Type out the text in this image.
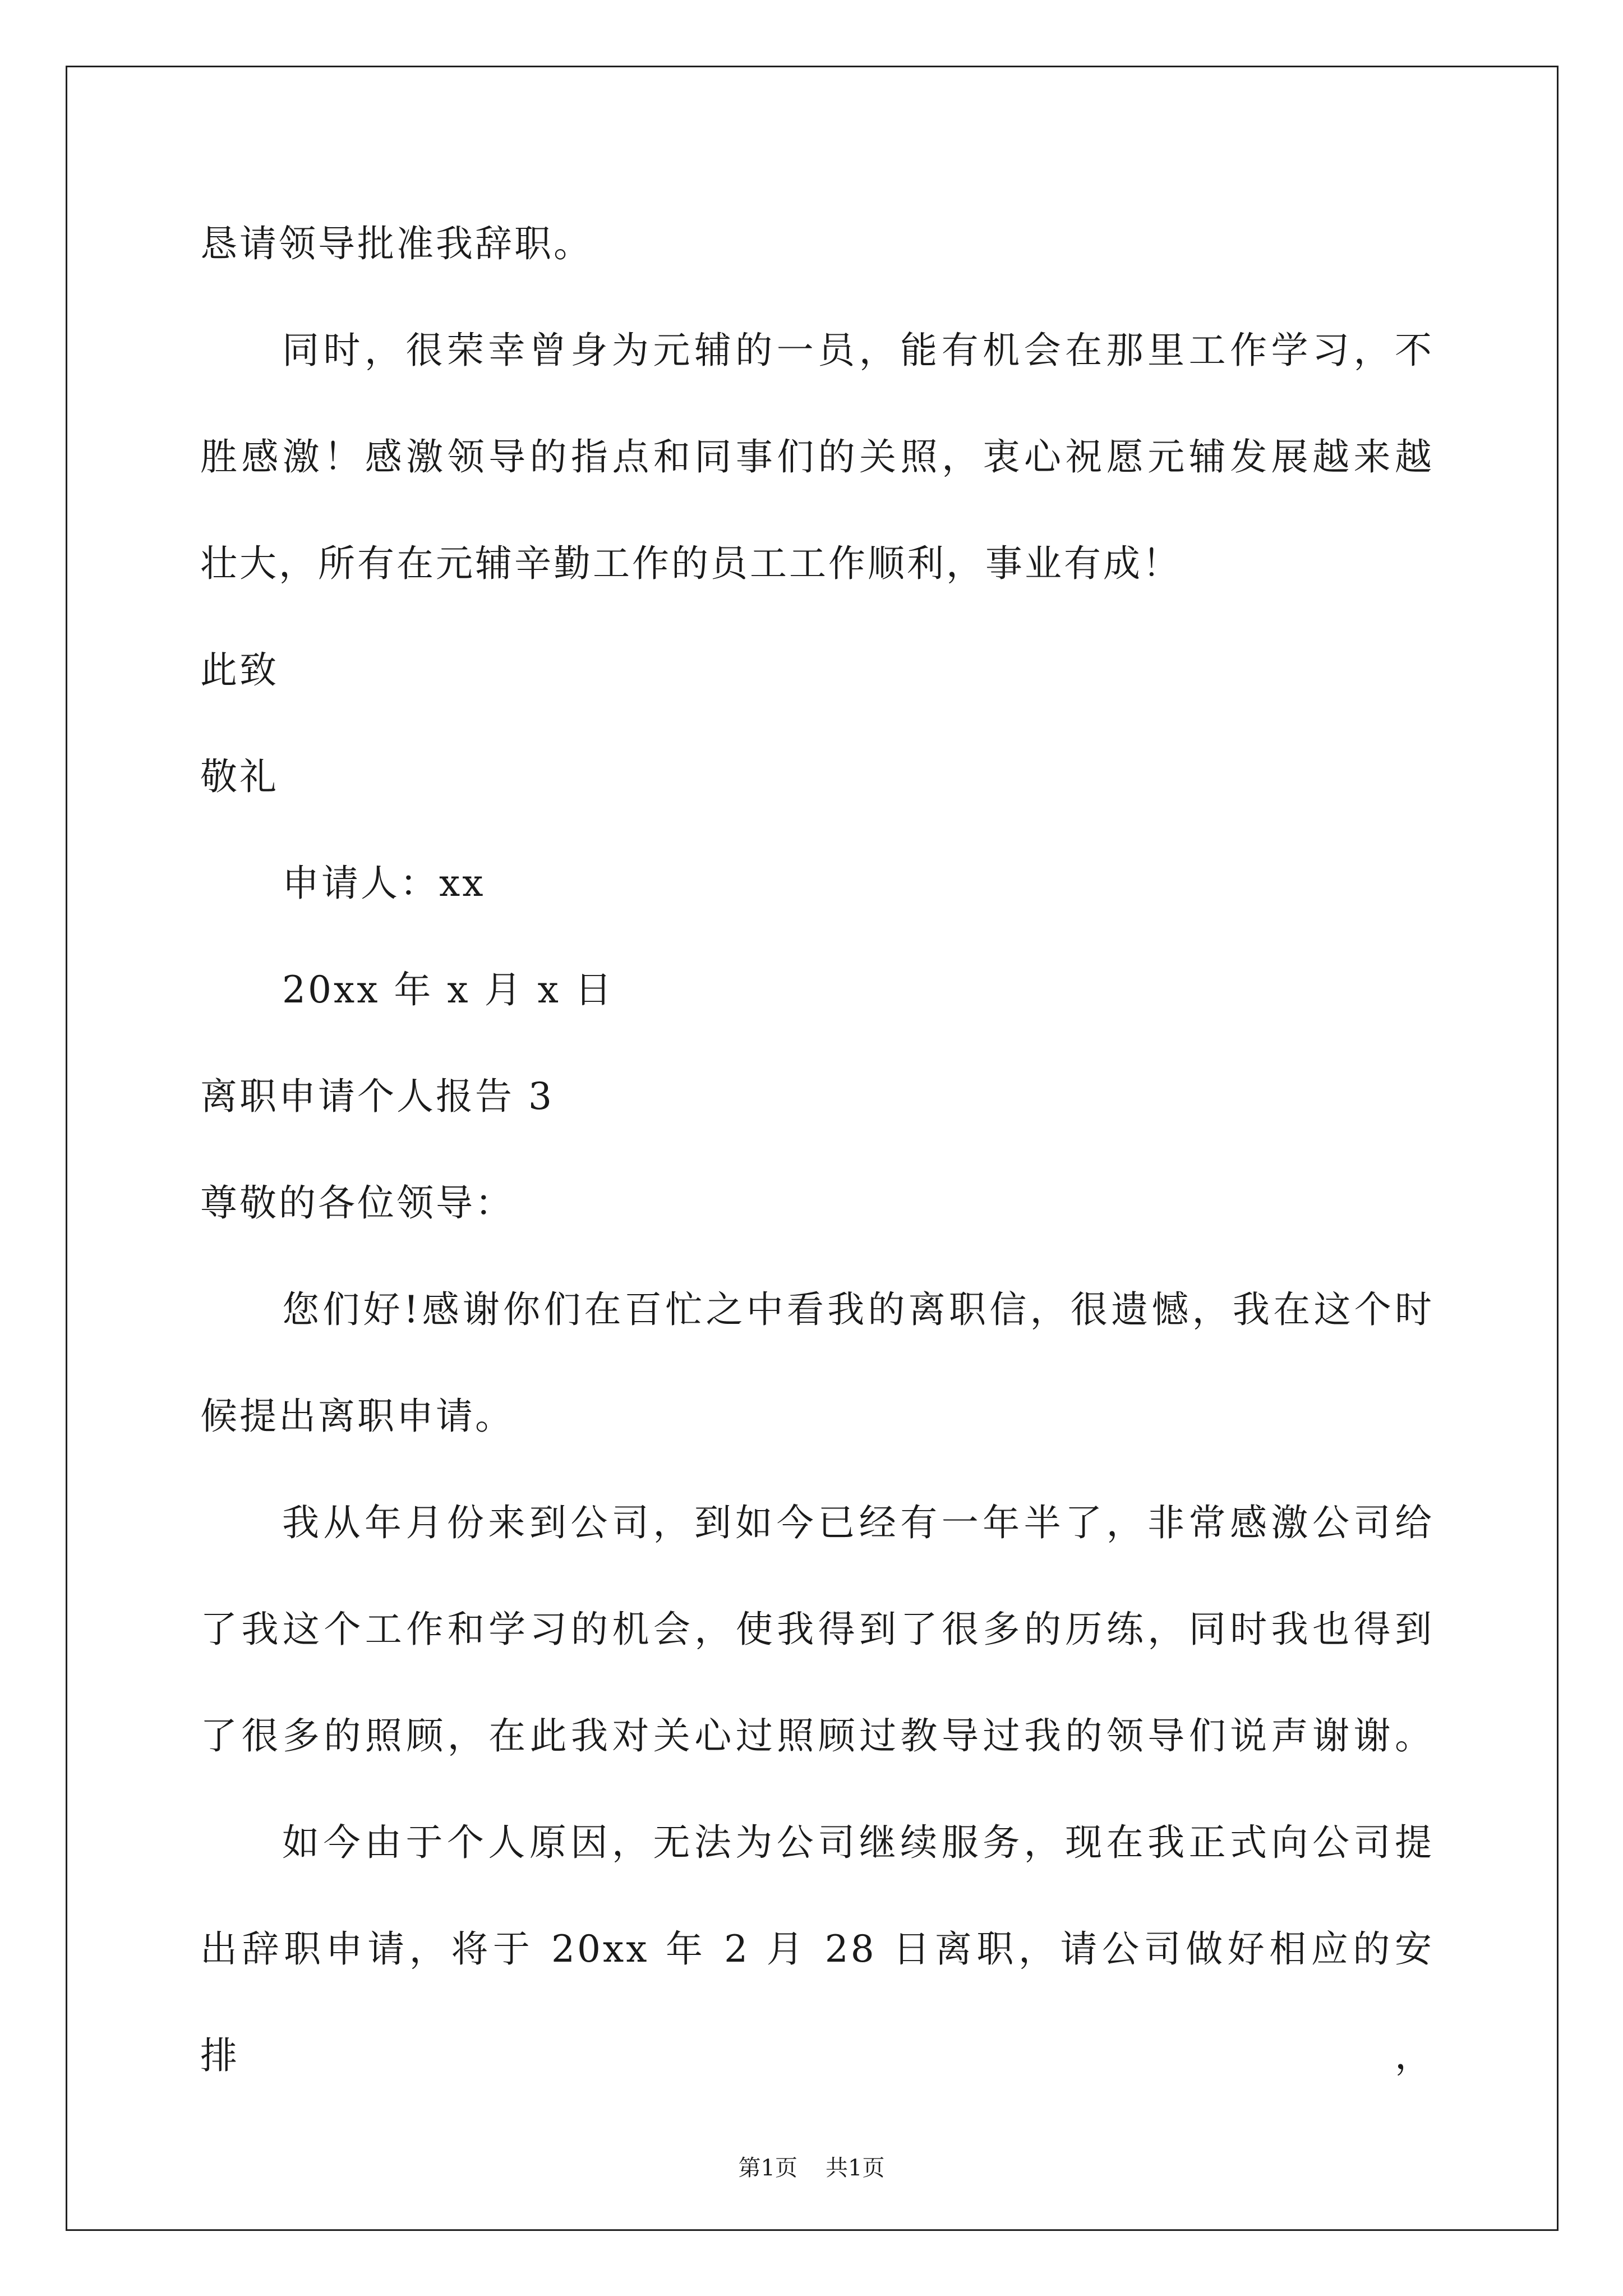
恳请领导批准我辞职。
同时，很荣幸曾身为元辅的一员，能有机会在那里工作学习，不
胜感激！感激领导的指点和同事们的关照，衷心祝愿元辅发展越来越
壮大，所有在元辅辛勤工作的员工工作顺利，事业有成！
此致
敬礼
申请人：xx
20xx 年 x 月 x 日
离职申请个人报告 3
尊敬的各位领导：
您们好!感谢你们在百忙之中看我的离职信，很遗憾，我在这个时
候提出离职申请。
我从年月份来到公司，到如今已经有一年半了，非常感激公司给
了我这个工作和学习的机会，使我得到了很多的历练，同时我也得到
了很多的照顾，在此我对关心过照顾过教导过我的领导们说声谢谢。
如今由于个人原因，无法为公司继续服务，现在我正式向公司提
出辞职申请，将于 20xx 年 2 月 28 日离职，请公司做好相应的安排，
第1页 共1页
